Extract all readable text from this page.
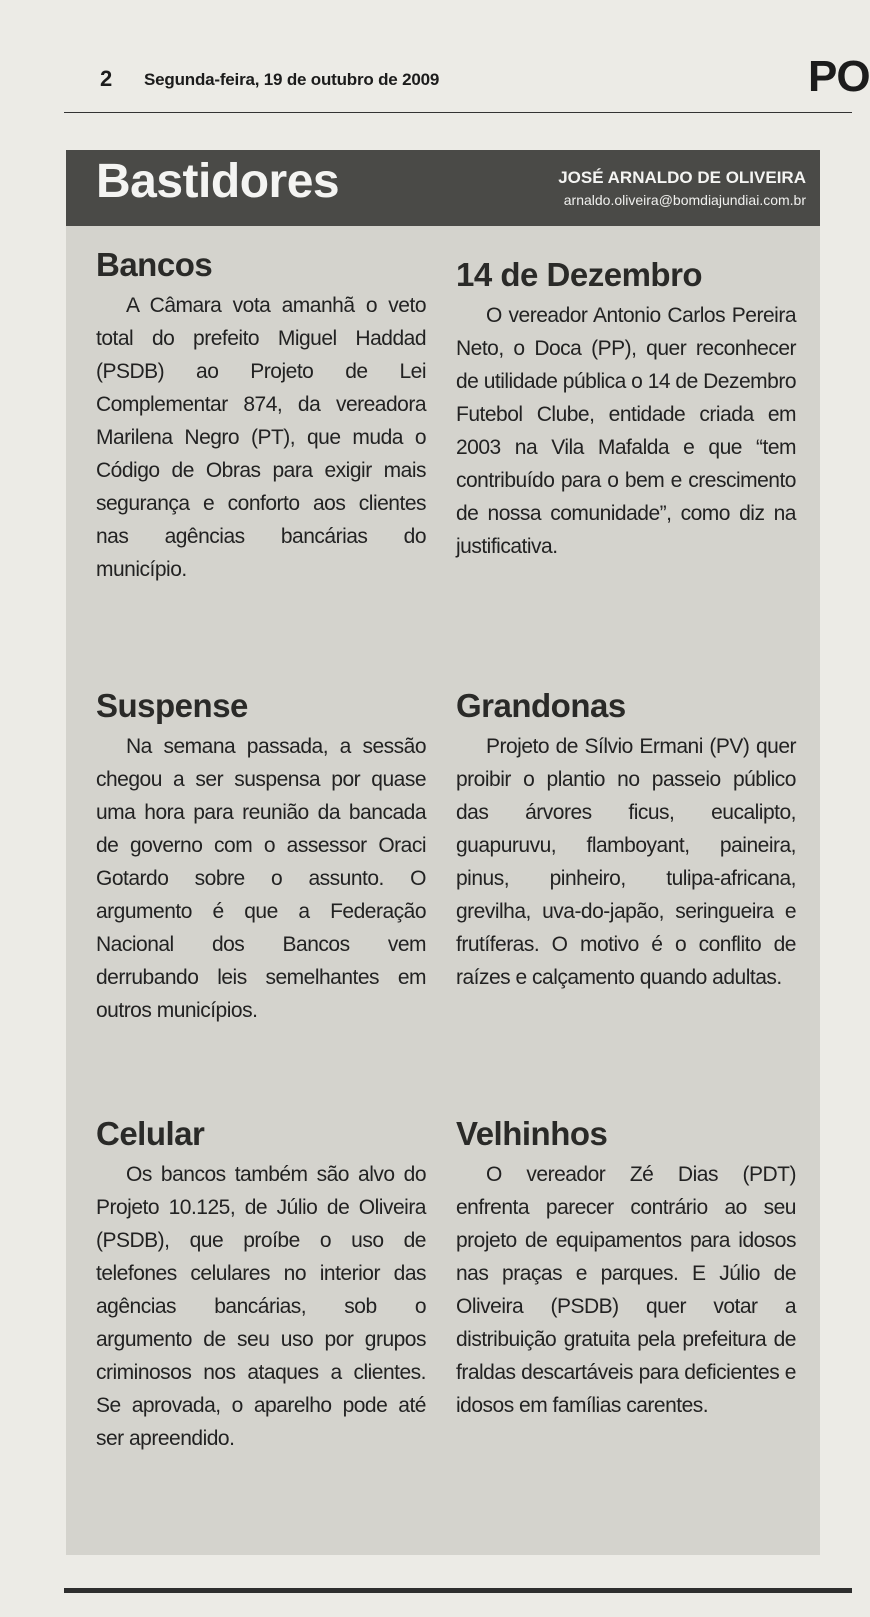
2 Segunda-feira, 19 de outubro de 2009	PO
Bastidores	JOSÉ ARNALDO DE OLIVEIRA
arnaldo.oliveira@bomdiajundiai.com.br
Bancos

A Câmara vota amanhã o veto total do prefeito Miguel Haddad (PSDB) ao Projeto de Lei Complementar 874, da vereadora Marilena Negro (PT), que muda o Código de Obras para exigir mais segurança e conforto aos clientes nas agências bancárias do município.

14 de Dezembro

O vereador Antonio Carlos Pereira Neto, o Doca (PP), quer reconhecer de utilidade pública o 14 de Dezembro Futebol Clube, entidade criada em 2003 na Vila Mafalda e que “tem contribuído para o bem e crescimento de nossa comunidade”, como diz na justificativa.

Suspense

Na semana passada, a sessão chegou a ser suspensa por quase uma hora para reunião da bancada de governo com o assessor Oraci Gotardo sobre o assunto. O argumento é que a Federação Nacional dos Bancos vem derrubando leis semelhantes em outros municípios.

Grandonas

Projeto de Sílvio Ermani (PV) quer proibir o plantio no passeio público das árvores ficus, eucalipto, guapuruvu, flamboyant, paineira, pinus, pinheiro, tulipa-africana, grevilha, uva-do-japão, seringueira e frutíferas. O motivo é o conflito de raízes e calçamento quando adultas.

Celular

Os bancos também são alvo do Projeto 10.125, de Júlio de Oliveira (PSDB), que proíbe o uso de telefones celulares no interior das agências bancárias, sob o argumento de seu uso por grupos criminosos nos ataques a clientes. Se aprovada, o aparelho pode até ser apreendido.

Velhinhos

O vereador Zé Dias (PDT) enfrenta parecer contrário ao seu projeto de equipamentos para idosos nas praças e parques. E Júlio de Oliveira (PSDB) quer votar a distribuição gratuita pela prefeitura de fraldas descartáveis para deficientes e idosos em famílias carentes.
